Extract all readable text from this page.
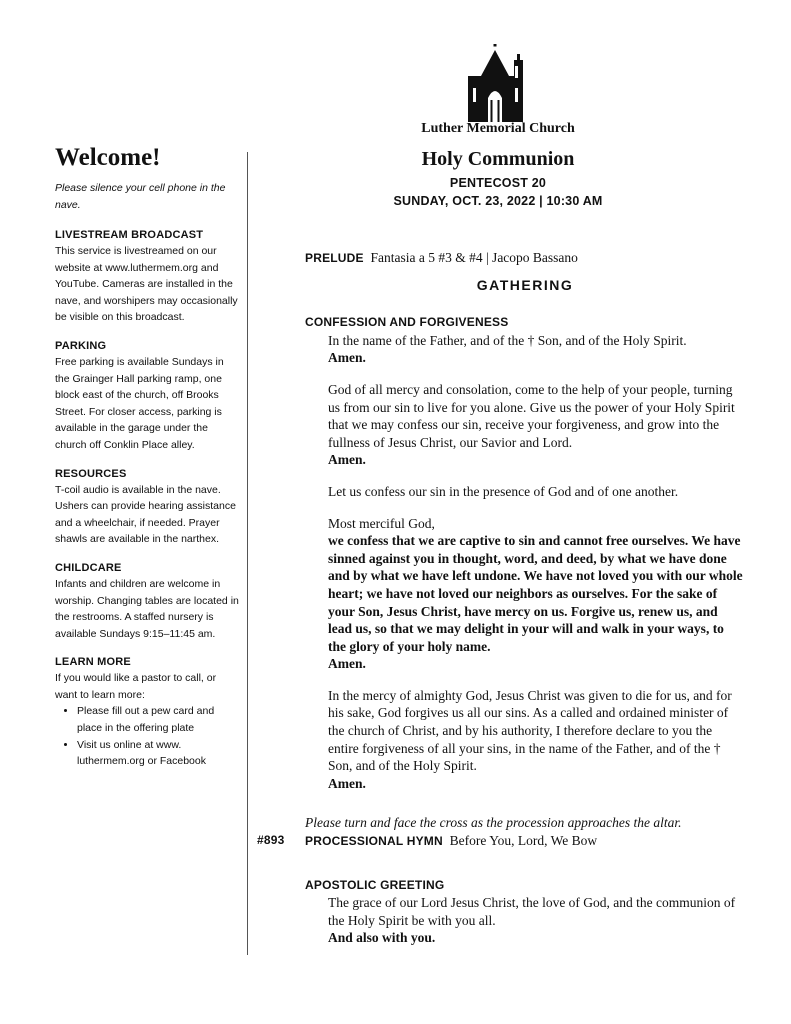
Luther Memorial Church
Holy Communion
PENTECOST 20
SUNDAY, OCT. 23, 2022 | 10:30 AM
Welcome!
Please silence your cell phone in the nave.
LIVESTREAM BROADCAST
This service is livestreamed on our website at www.luthermem.org and YouTube. Cameras are installed in the nave, and worshipers may occasionally be visible on this broadcast.
PARKING
Free parking is available Sundays in the Grainger Hall parking ramp, one block east of the church, off Brooks Street. For closer access, parking is available in the garage under the church off Conklin Place alley.
RESOURCES
T-coil audio is available in the nave. Ushers can provide hearing assistance and a wheelchair, if needed. Prayer shawls are available in the narthex.
CHILDCARE
Infants and children are welcome in worship. Changing tables are located in the restrooms. A staffed nursery is available Sundays 9:15–11:45 am.
LEARN MORE
If you would like a pastor to call, or want to learn more:
• Please fill out a pew card and place in the offering plate
• Visit us online at www. luthermem.org or Facebook
PRELUDE Fantasia a 5 #3 & #4 | Jacopo Bassano
GATHERING
CONFESSION AND FORGIVENESS
In the name of the Father, and of the † Son, and of the Holy Spirit.
Amen.
God of all mercy and consolation, come to the help of your people, turning us from our sin to live for you alone. Give us the power of your Holy Spirit that we may confess our sin, receive your forgiveness, and grow into the fullness of Jesus Christ, our Savior and Lord.
Amen.
Let us confess our sin in the presence of God and of one another.
Most merciful God,
we confess that we are captive to sin and cannot free ourselves. We have sinned against you in thought, word, and deed, by what we have done and by what we have left undone. We have not loved you with our whole heart; we have not loved our neighbors as ourselves. For the sake of your Son, Jesus Christ, have mercy on us. Forgive us, renew us, and lead us, so that we may delight in your will and walk in your ways, to the glory of your holy name.
Amen.
In the mercy of almighty God, Jesus Christ was given to die for us, and for his sake, God forgives us all our sins. As a called and ordained minister of the church of Christ, and by his authority, I therefore declare to you the entire forgiveness of all your sins, in the name of the Father, and of the † Son, and of the Holy Spirit.
Amen.
Please turn and face the cross as the procession approaches the altar.
#893 PROCESSIONAL HYMN Before You, Lord, We Bow
APOSTOLIC GREETING
The grace of our Lord Jesus Christ, the love of God, and the communion of the Holy Spirit be with you all.
And also with you.
